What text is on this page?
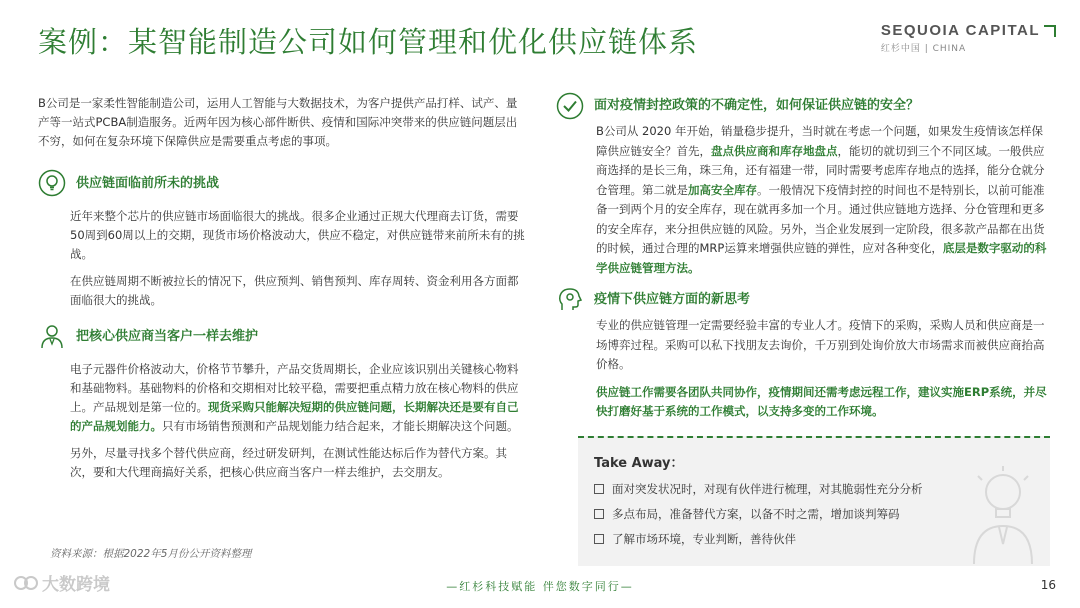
案例：某智能制造公司如何管理和优化供应链体系	SEQUOIA CAPITAL
红杉中国 | CHINA

B公司是一家柔性智能制造公司，运用人工智能与大数据技术，为客户提供产品打样、试产、量产等一站式PCBA制造服务。近两年因为核心部件断供、疫情和国际冲突带来的供应链问题层出不穷，如何在复杂环境下保障供应是需要重点考虑的事项。

供应链面临前所未的挑战

近年来整个芯片的供应链市场面临很大的挑战。很多企业通过正规大代理商去订货，需要50周到60周以上的交期，现货市场价格波动大，供应不稳定，对供应链带来前所未有的挑战。

在供应链周期不断被拉长的情况下，供应预判、销售预判、库存周转、资金利用各方面都面临很大的挑战。

把核心供应商当客户一样去维护

电子元器件价格波动大，价格节节攀升，产品交货周期长，企业应该识别出关键核心物料和基础物料。基础物料的价格和交期相对比较平稳，需要把重点精力放在核心物料的供应上。产品规划是第一位的。现货采购只能解决短期的供应链问题，长期解决还是要有自己的产品规划能力。只有市场销售预测和产品规划能力结合起来，才能长期解决这个问题。

另外，尽量寻找多个替代供应商，经过研发研判，在测试性能达标后作为替代方案。其次，要和大代理商搞好关系，把核心供应商当客户一样去维护，去交朋友。

资料来源：根据2022年5月份公开资料整理
面对疫情封控政策的不确定性，如何保证供应链的安全？

B公司从 2020 年开始，销量稳步提升，当时就在考虑一个问题，如果发生疫情该怎样保障供应链安全？首先，盘点供应商和库存地盘点，能切的就切到三个不同区域。一般供应商选择的是长三角，珠三角，还有福建一带，同时需要考虑库存地点的选择，能分仓就分仓管理。第二就是加高安全库存。一般情况下疫情封控的时间也不是特别长，以前可能准备一到两个月的安全库存，现在就再多加一个月。通过供应链地方选择、分仓管理和更多的安全库存，来分担供应链的风险。另外，当企业发展到一定阶段，很多款产品都在出货的时候，通过合理的MRP运算来增强供应链的弹性，应对各种变化，底层是数字驱动的科学供应链管理方法。

疫情下供应链方面的新思考

专业的供应链管理一定需要经验丰富的专业人才。疫情下的采购，采购人员和供应商是一场博弈过程。采购可以私下找朋友去询价，千万别到处询价放大市场需求而被供应商抬高价格。

供应链工作需要各团队共同协作，疫情期间还需考虑远程工作，建议实施ERP系统，并尽快打磨好基于系统的工作模式，以支持多变的工作环境。

Take Away：
面对突发状况时，对现有伙伴进行梳理，对其脆弱性充分分析
多点布局，准备替代方案，以备不时之需，增加谈判筹码
了解市场环境，专业判断，善待伙伴
大数跨境	—红杉科技赋能 伴您数字同行—	16
